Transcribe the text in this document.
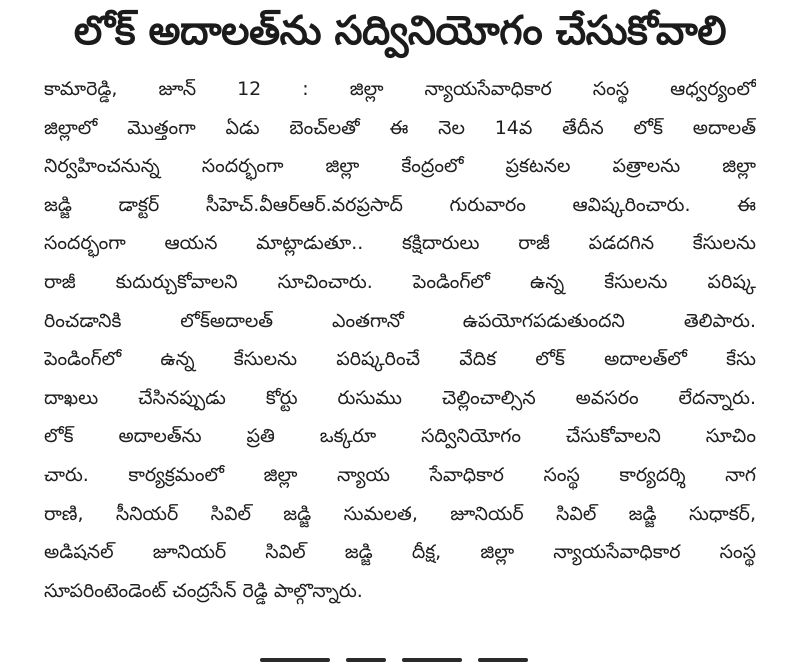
లోక్ అదాలత్‌ను సద్వినియోగం చేసుకోవాలి
కామారెడ్డి, జూన్ 12 : జిల్లా న్యాయసేవాధికార సంస్థ ఆధ్వర్యంలో
జిల్లాలో మొత్తంగా ఏడు బెంచ్‌లతో ఈ నెల 14వ తేదీన లోక్ అదాలత్
నిర్వహించనున్న సందర్భంగా జిల్లా కేంద్రంలో ప్రకటనల పత్రాలను జిల్లా
జడ్జి డాక్టర్ సీహెచ్.వీఆర్ఆర్.వరప్రసాద్ గురువారం ఆవిష్కరించారు. ఈ
సందర్భంగా ఆయన మాట్లాడుతూ.. కక్షిదారులు రాజీ పడదగిన కేసులను
రాజీ కుదుర్చుకోవాలని సూచించారు. పెండింగ్‌లో ఉన్న కేసులను పరిష్క
రించడానికి లోక్‌అదాలత్ ఎంతగానో ఉపయోగపడుతుందని తెలిపారు.
పెండింగ్‌లో ఉన్న కేసులను పరిష్కరించే వేదిక లోక్ అదాలత్‌లో కేసు
దాఖలు చేసినప్పుడు కోర్టు రుసుము చెల్లించాల్సిన అవసరం లేదన్నారు.
లోక్ అదాలత్‌ను ప్రతి ఒక్కరూ సద్వినియోగం చేసుకోవాలని సూచిం
చారు. కార్యక్రమంలో జిల్లా న్యాయ సేవాధికార సంస్థ కార్యదర్శి నాగ
రాణి, సీనియర్ సివిల్ జడ్జి సుమలత, జూనియర్ సివిల్ జడ్జి సుధాకర్,
అడిషనల్ జూనియర్ సివిల్ జడ్జి దీక్ష, జిల్లా న్యాయసేవాధికార సంస్థ
సూపరింటెండెంట్ చంద్రసేన్ రెడ్డి పాల్గొన్నారు.
